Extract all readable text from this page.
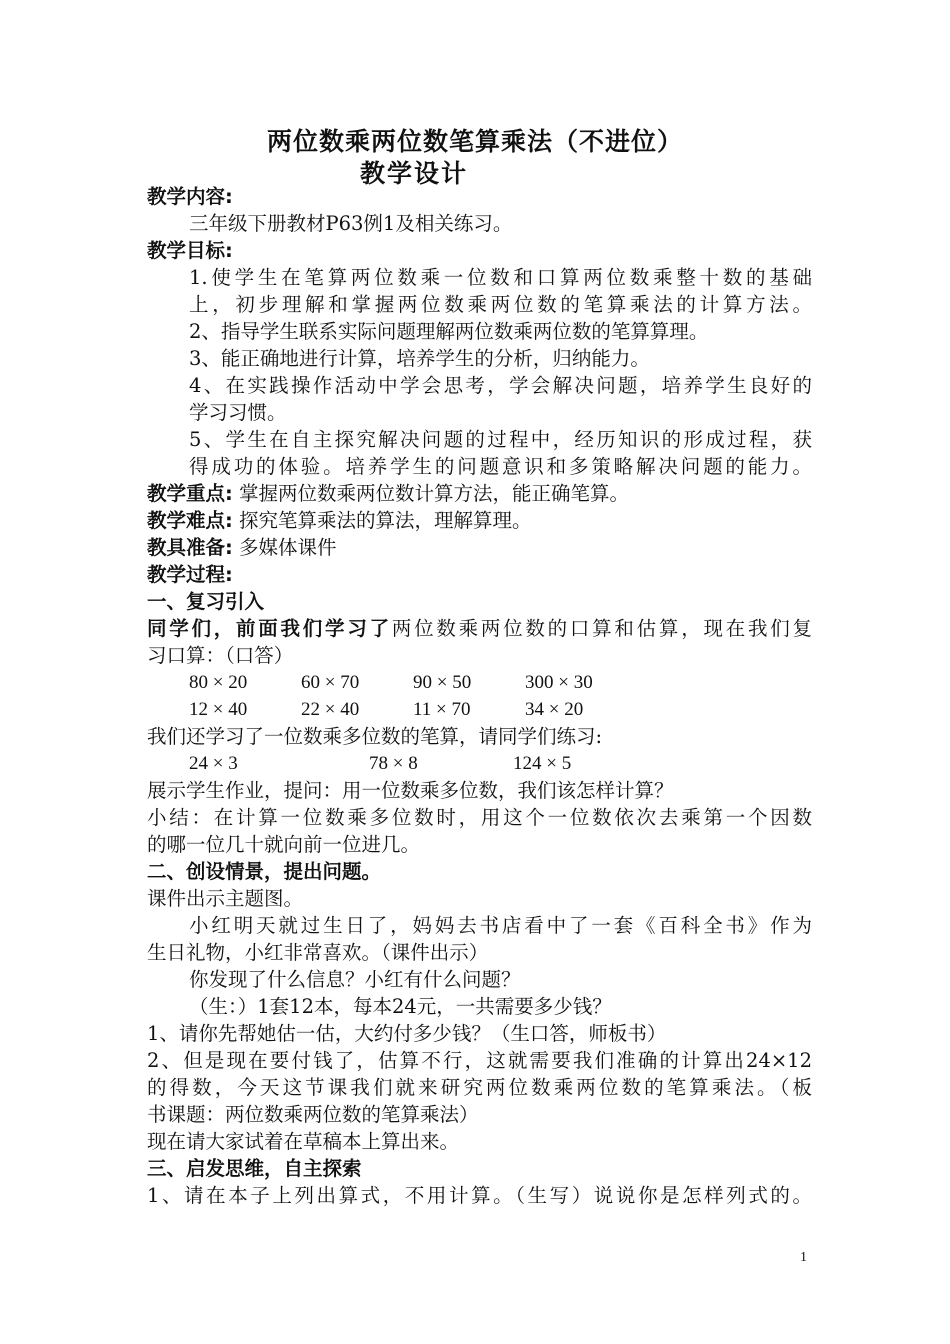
两位数乘两位数笔算乘法（不进位）
教学设计
教学内容:
三年级下册教材P63例1及相关练习。
教学目标:
1.使学生在笔算两位数乘一位数和口算两位数乘整十数的基础
上，初步理解和掌握两位数乘两位数的笔算乘法的计算方法。
2、指导学生联系实际问题理解两位数乘两位数的笔算算理。
3、能正确地进行计算，培养学生的分析，归纳能力。
4、在实践操作活动中学会思考，学会解决问题，培养学生良好的
学习习惯。
5、学生在自主探究解决问题的过程中，经历知识的形成过程，获
得成功的体验。培养学生的问题意识和多策略解决问题的能力。
教学重点: 掌握两位数乘两位数计算方法，能正确笔算。
教学难点: 探究笔算乘法的算法，理解算理。
教具准备: 多媒体课件
教学过程:
一、复习引入
同学们，前面我们学习了两位数乘两位数的口算和估算，现在我们复
习口算：（口答）
80 × 20	60 × 70	90 × 50	300 × 30
12 × 40	22 × 40	11 × 70	34 × 20
我们还学习了一位数乘多位数的笔算，请同学们练习:
24 × 3	78 × 8	124 × 5
展示学生作业，提问：用一位数乘多位数，我们该怎样计算？
小结：在计算一位数乘多位数时，用这个一位数依次去乘第一个因数
的哪一位几十就向前一位进几。
二、创设情景，提出问题。
课件出示主题图。
小红明天就过生日了，妈妈去书店看中了一套《百科全书》作为
生日礼物，小红非常喜欢。（课件出示）
你发现了什么信息？小红有什么问题？
（生：）1套12本，每本24元，一共需要多少钱？
1、请你先帮她估一估，大约付多少钱？（生口答，师板书）
2、但是现在要付钱了，估算不行，这就需要我们准确的计算出24×12
的得数，今天这节课我们就来研究两位数乘两位数的笔算乘法。（板
书课题：两位数乘两位数的笔算乘法）
现在请大家试着在草稿本上算出来。
三、启发思维，自主探索
1、请在本子上列出算式，不用计算。（生写）说说你是怎样列式的。
1
